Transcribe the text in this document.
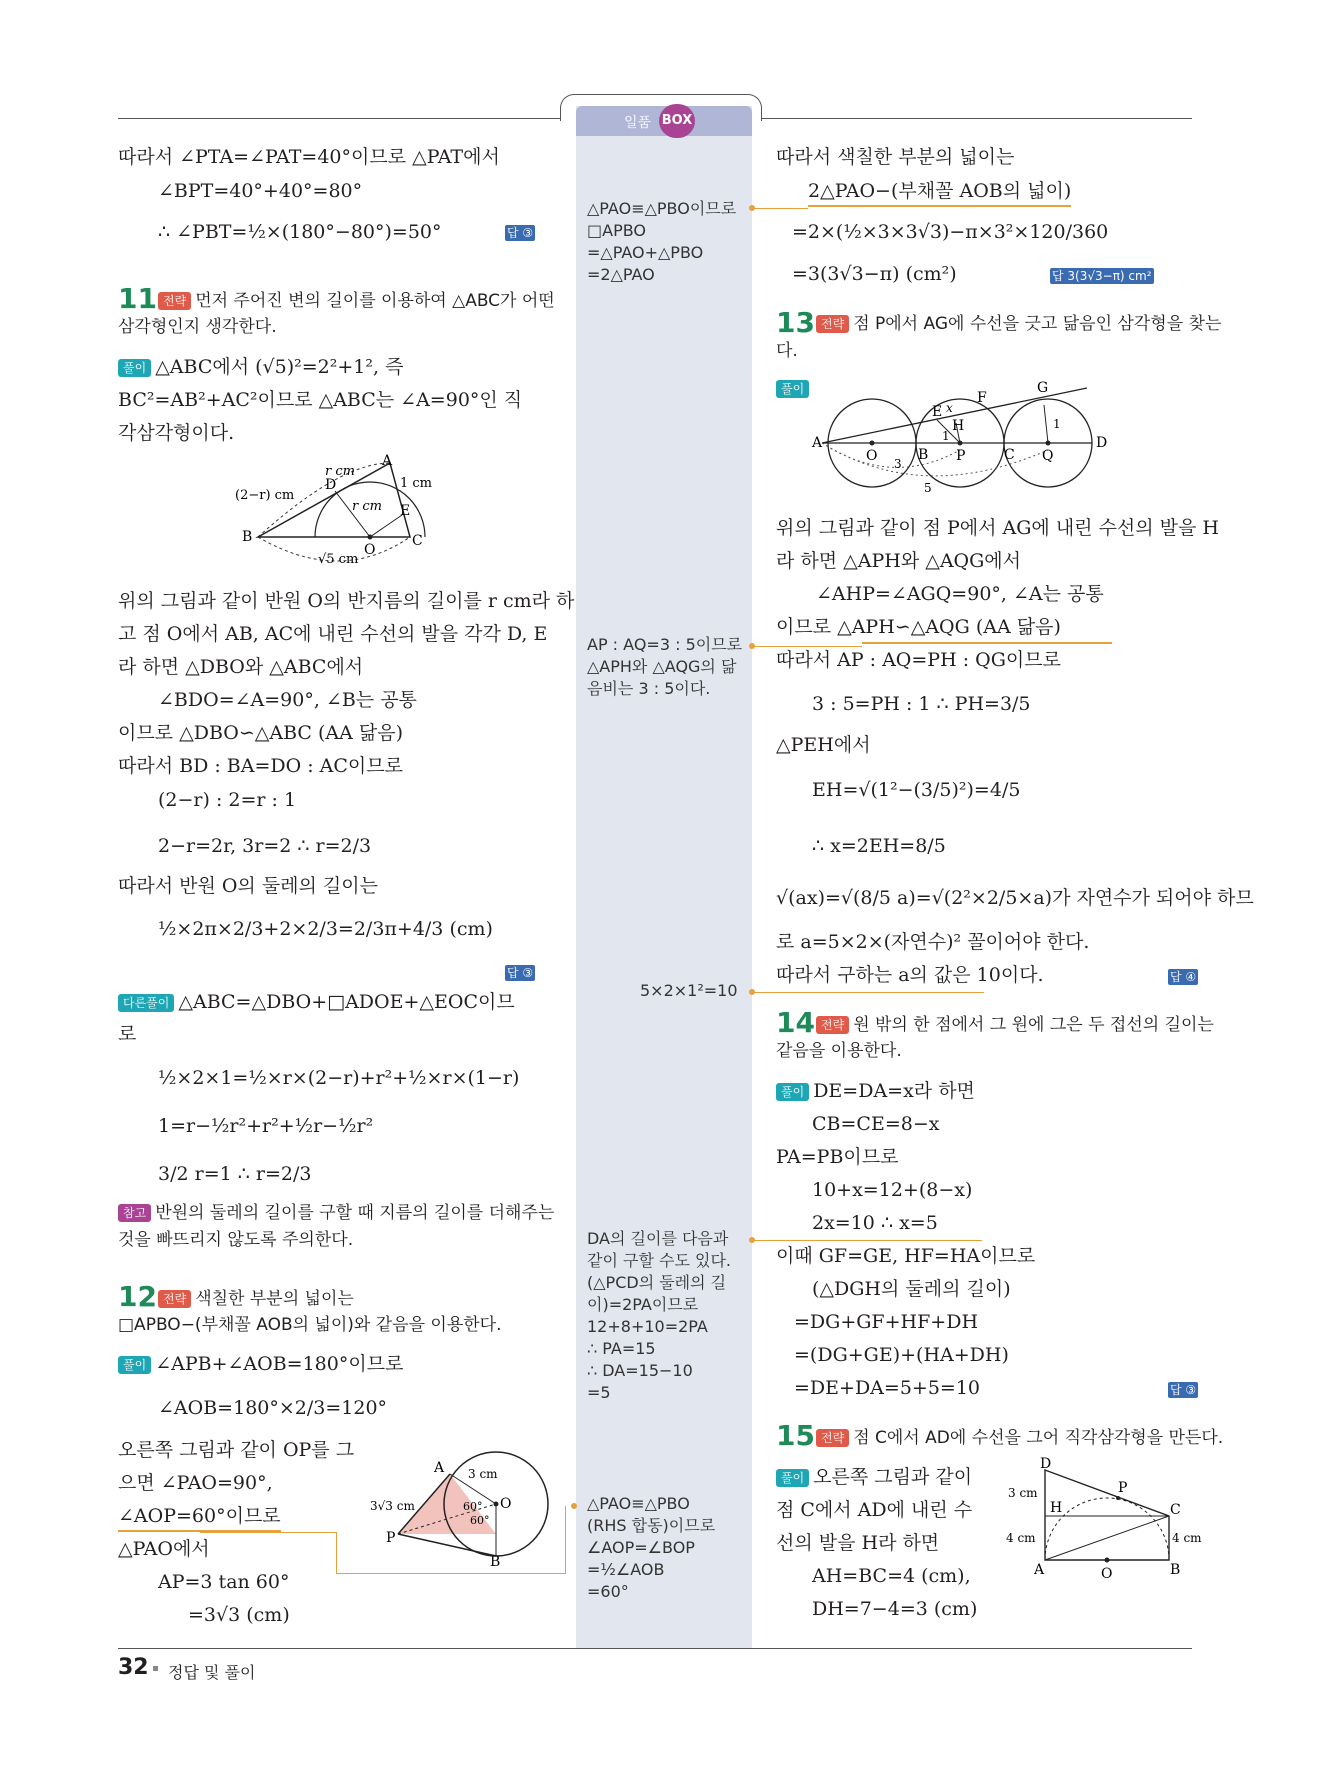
일품 BOX
따라서 ∠PTA=∠PAT=40°이므로 △PAT에서
∠BPT=40°+40°=80°
∴ ∠PBT=½×(180°−80°)=50°	답 ③
11 전략 먼저 주어진 변의 길이를 이용하여 △ABC가 어떤
삼각형인지 생각한다.
풀이 △ABC에서 (√5)²=2²+1², 즉
BC²=AB²+AC²이므로 △ABC는 ∠A=90°인 직
각삼각형이다.
r cm
A
(2−r) cm
D	1 cm
r cm E
B
O
C
√5 cm
위의 그림과 같이 반원 O의 반지름의 길이를 r cm라 하
고 점 O에서 AB, AC에 내린 수선의 발을 각각 D, E
라 하면 △DBO와 △ABC에서
∠BDO=∠A=90°, ∠B는 공통
이므로 △DBO∽△ABC (AA 닮음)
따라서 BD : BA=DO : AC이므로
(2−r) : 2=r : 1
2−r=2r, 3r=2 ∴ r=2/3
따라서 반원 O의 둘레의 길이는
½×2π×2/3+2×2/3=2/3π+4/3 (cm)
답 ③
다른풀이 △ABC=△DBO+□ADOE+△EOC이므
로
½×2×1=½×r×(2−r)+r²+½×r×(1−r)
1=r−½r²+r²+½r−½r²
3/2 r=1 ∴ r=2/3
참고 반원의 둘레의 길이를 구할 때 지름의 길이를 더해주는
것을 빠뜨리지 않도록 주의한다.
12 전략 색칠한 부분의 넓이는
□APBO−(부채꼴 AOB의 넓이)와 같음을 이용한다.
풀이 ∠APB+∠AOB=180°이므로
∠AOB=180°×2/3=120°
오른쪽 그림과 같이 OP를 그
으면 ∠PAO=90°,
∠AOP=60°이므로
△PAO에서
AP=3 tan 60°
=3√3 (cm)
A 3 cm
O
3√3 cm	60°
60°
P
B
△PAO≡△PBO이므로
□APBO
=△PAO+△PBO
=2△PAO
AP : AQ=3 : 5이므로 △APH와 △AQG의 닮음비는 3 : 5이다.
5×2×1²=10
DA의 길이를 다음과 같이 구할 수도 있다.
(△PCD의 둘레의 길이)=2PA이므로
12+8+10=2PA
∴ PA=15
∴ DA=15−10
=5
△PAO≡△PBO
(RHS 합동)이므로
∠AOP=∠BOP
=½∠AOB
=60°
따라서 색칠한 부분의 넓이는
2△PAO−(부채꼴 AOB의 넓이)
=2×(½×3×3√3)−π×3²×120/360
=3(3√3−π) (cm²)	답 3(3√3−π) cm²
13 전략 점 P에서 AG에 수선을 긋고 닮음인 삼각형을 찾는
다.
풀이
A
E x
F
G
H
1
1
D
O	B P	C Q
3
5
위의 그림과 같이 점 P에서 AG에 내린 수선의 발을 H
라 하면 △APH와 △AQG에서
∠AHP=∠AGQ=90°, ∠A는 공통
이므로 △APH∽△AQG (AA 닮음)
따라서 AP : AQ=PH : QG이므로
3 : 5=PH : 1 ∴ PH=3/5
△PEH에서
EH=√(1²−(3/5)²)=4/5
∴ x=2EH=8/5
√(ax)=√(8/5 a)=√(2²×2/5×a)가 자연수가 되어야 하므
로 a=5×2×(자연수)² 꼴이어야 한다.
따라서 구하는 a의 값은 10이다.	답 ④
14 전략 원 밖의 한 점에서 그 원에 그은 두 접선의 길이는
같음을 이용한다.
풀이 DE=DA=x라 하면
CB=CE=8−x
PA=PB이므로
10+x=12+(8−x)
2x=10 ∴ x=5
이때 GF=GE, HF=HA이므로
(△DGH의 둘레의 길이)
=DG+GF+HF+DH
=(DG+GE)+(HA+DH)
=DE+DA=5+5=10	답 ③
15 전략 점 C에서 AD에 수선을 그어 직각삼각형을 만든다.
풀이 오른쪽 그림과 같이
점 C에서 AD에 내린 수
선의 발을 H라 하면
AH=BC=4 (cm),
DH=7−4=3 (cm)
D
3 cm
H
P
C
4 cm	4 cm
A	O	B
32 정답 및 풀이
